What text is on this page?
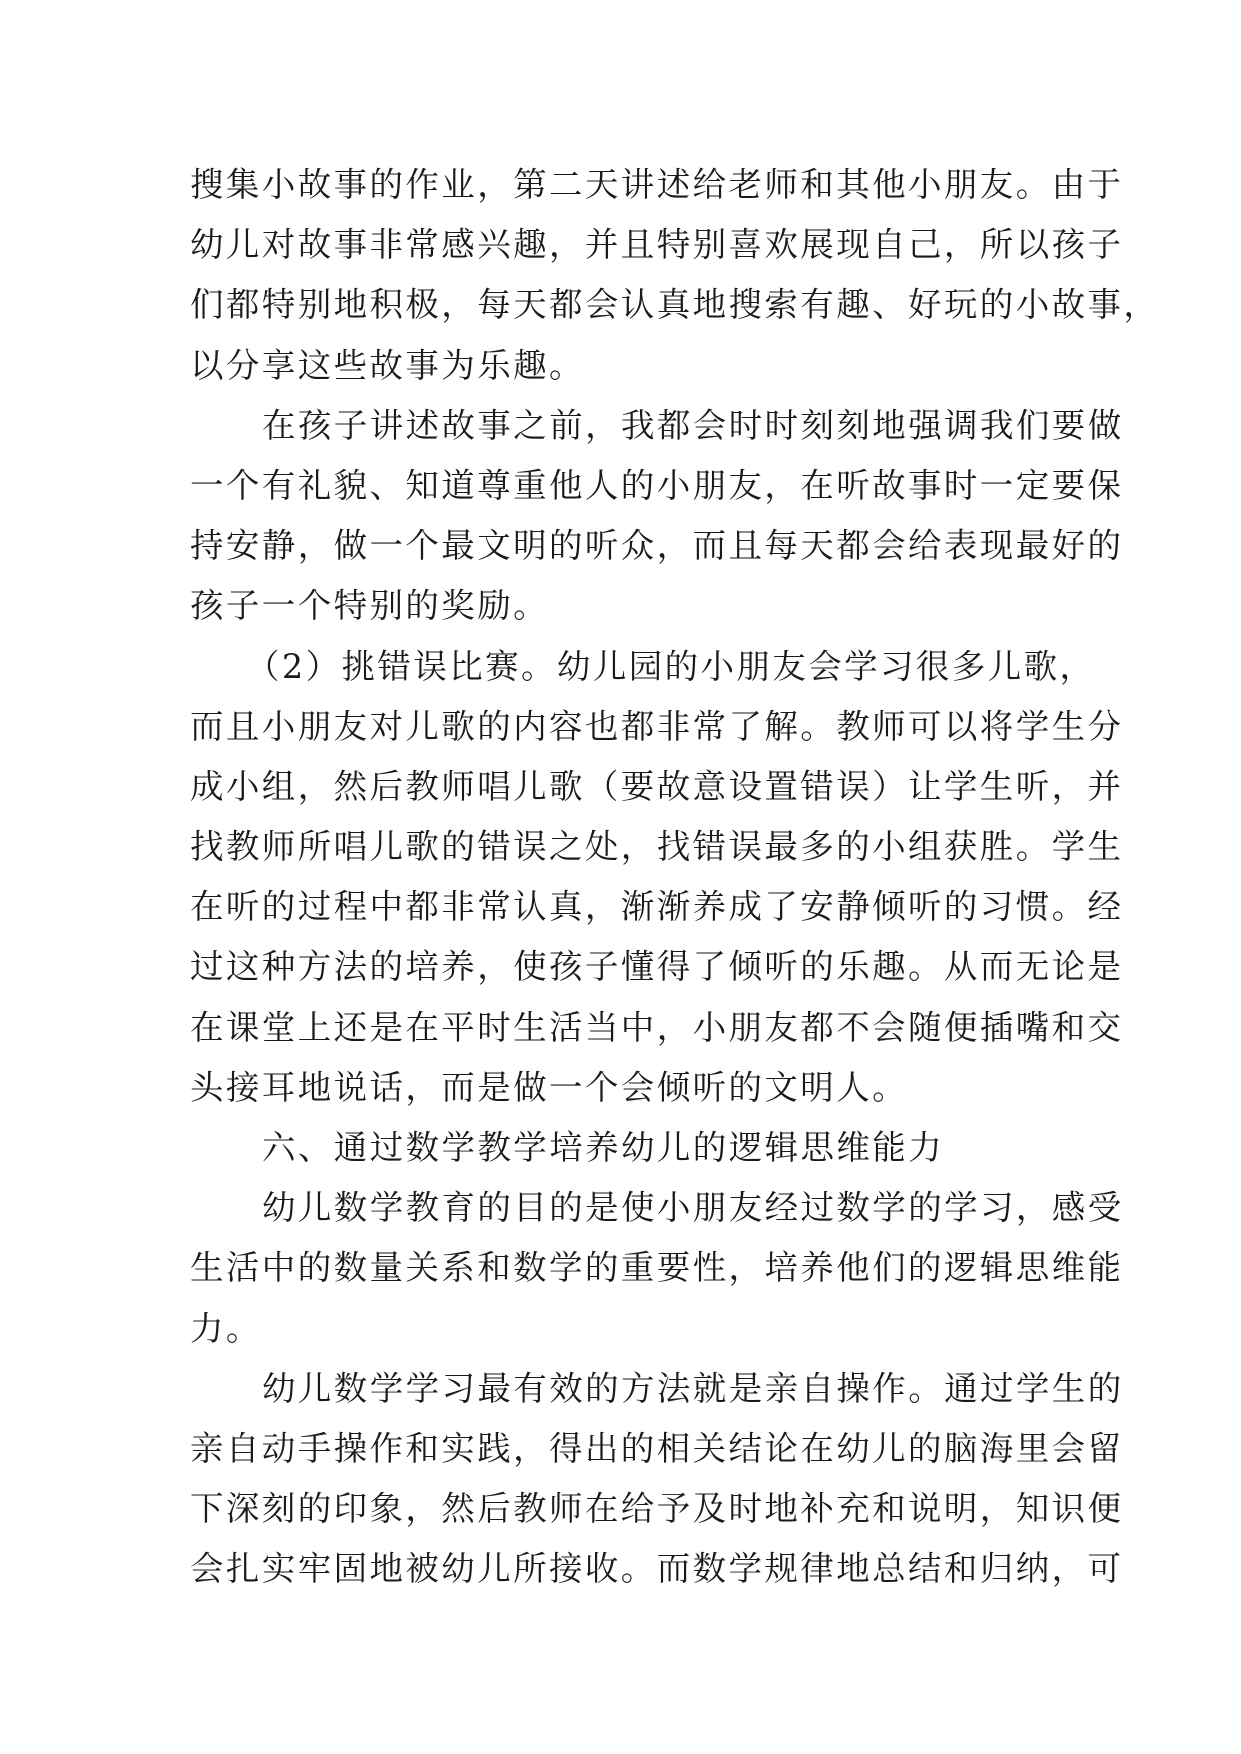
搜集小故事的作业，第二天讲述给老师和其他小朋友。由于
幼儿对故事非常感兴趣，并且特别喜欢展现自己，所以孩子
们都特别地积极，每天都会认真地搜索有趣、好玩的小故事，
以分享这些故事为乐趣。
在孩子讲述故事之前，我都会时时刻刻地强调我们要做
一个有礼貌、知道尊重他人的小朋友，在听故事时一定要保
持安静，做一个最文明的听众，而且每天都会给表现最好的
孩子一个特别的奖励。
（2）挑错误比赛。幼儿园的小朋友会学习很多儿歌，
而且小朋友对儿歌的内容也都非常了解。教师可以将学生分
成小组，然后教师唱儿歌（要故意设置错误）让学生听，并
找教师所唱儿歌的错误之处，找错误最多的小组获胜。学生
在听的过程中都非常认真，渐渐养成了安静倾听的习惯。经
过这种方法的培养，使孩子懂得了倾听的乐趣。从而无论是
在课堂上还是在平时生活当中，小朋友都不会随便插嘴和交
头接耳地说话，而是做一个会倾听的文明人。
六、通过数学教学培养幼儿的逻辑思维能力
幼儿数学教育的目的是使小朋友经过数学的学习，感受
生活中的数量关系和数学的重要性，培养他们的逻辑思维能
力。
幼儿数学学习最有效的方法就是亲自操作。通过学生的
亲自动手操作和实践，得出的相关结论在幼儿的脑海里会留
下深刻的印象，然后教师在给予及时地补充和说明，知识便
会扎实牢固地被幼儿所接收。而数学规律地总结和归纳，可
